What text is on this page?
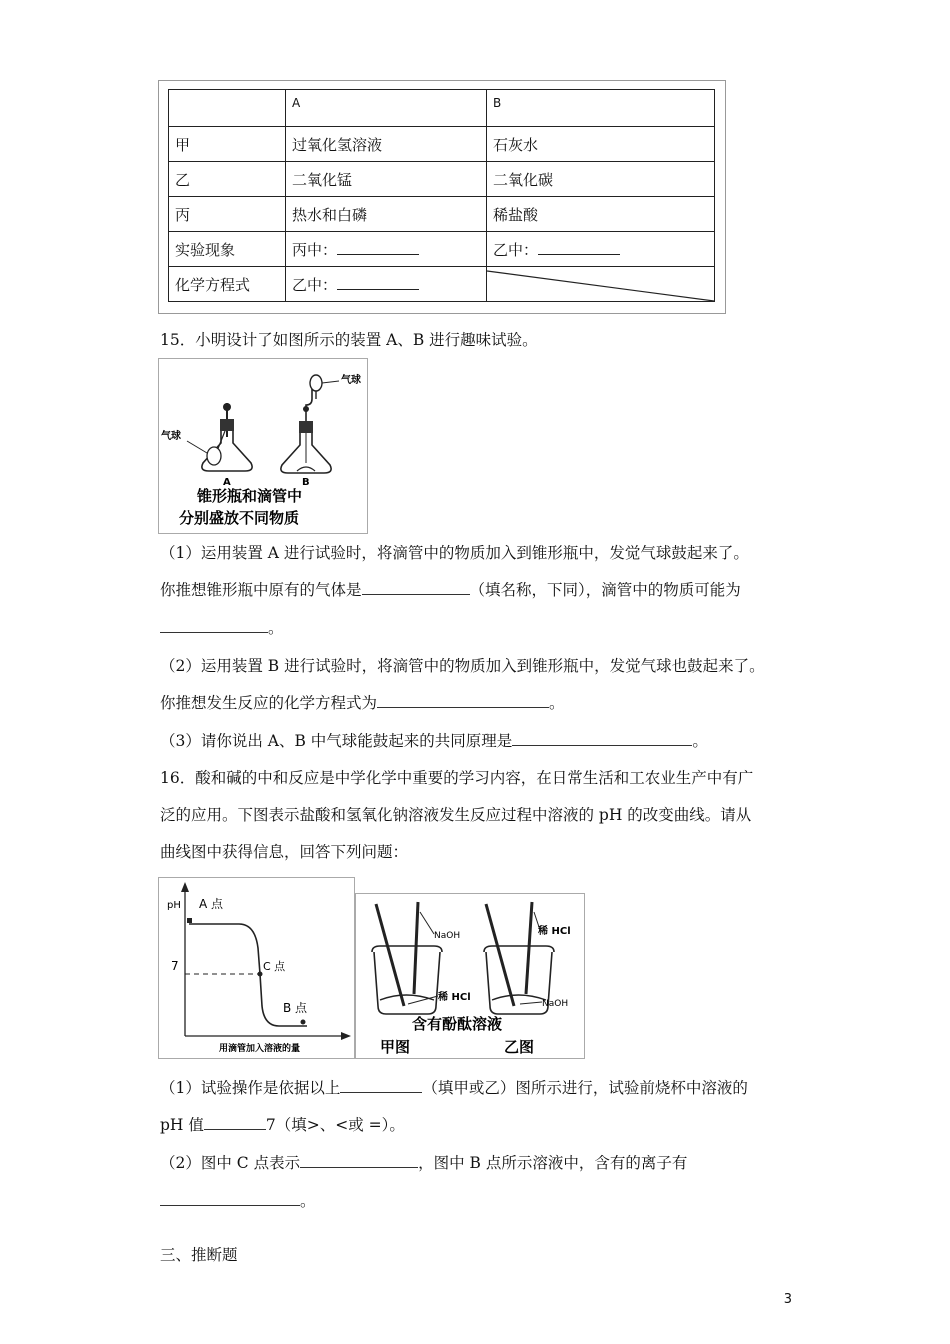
	A	B
甲	过氧化氢溶液	石灰水
乙	二氧化锰	二氧化碳
丙	热水和白磷	稀盐酸
实验现象	丙中：	乙中：
化学方程式	乙中：	
15．小明设计了如图所示的装置 A、B 进行趣味试验。
气球
气球
A	B
锥形瓶和滴管中
分别盛放不同物质
（1）运用装置 A 进行试验时，将滴管中的物质加入到锥形瓶中，发觉气球鼓起来了。
你推想锥形瓶中原有的气体是	（填名称，下同），滴管中的物质可能为
。
（2）运用装置 B 进行试验时，将滴管中的物质加入到锥形瓶中，发觉气球也鼓起来了。
你推想发生反应的化学方程式为	。
（3）请你说出 A、B 中气球能鼓起来的共同原理是	。
16．酸和碱的中和反应是中学化学中重要的学习内容，在日常生活和工农业生产中有广
泛的应用。下图表示盐酸和氢氧化钠溶液发生反应过程中溶液的 pH 的改变曲线。请从
曲线图中获得信息，回答下列问题：
pH A 点
7	C 点
B 点
用滴管加入溶液的量
NaOH
稀 HCl
稀 HCl
NaOH
含有酚酞溶液
甲图	乙图
（1）试验操作是依据以上	（填甲或乙）图所示进行，试验前烧杯中溶液的
pH 值	7（填>、<或 =）。
（2）图中 C 点表示	，图中 B 点所示溶液中，含有的离子有
。
三、推断题
3
